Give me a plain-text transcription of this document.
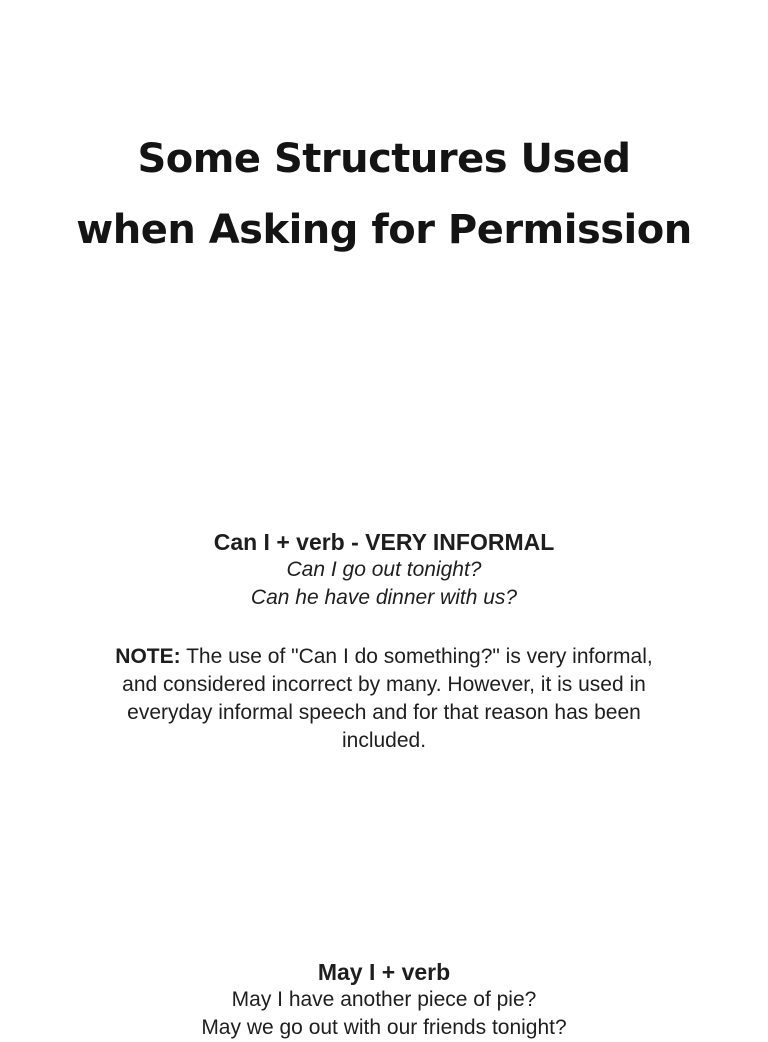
Some Structures Used
when Asking for Permission

Can I + verb - VERY INFORMAL

Can I go out tonight?

Can he have dinner with us?

NOTE: The use of "Can I do something?" is very informal, and considered incorrect by many. However, it is used in everyday informal speech and for that reason has been included.

May I + verb

May I have another piece of pie?

May we go out with our friends tonight?
